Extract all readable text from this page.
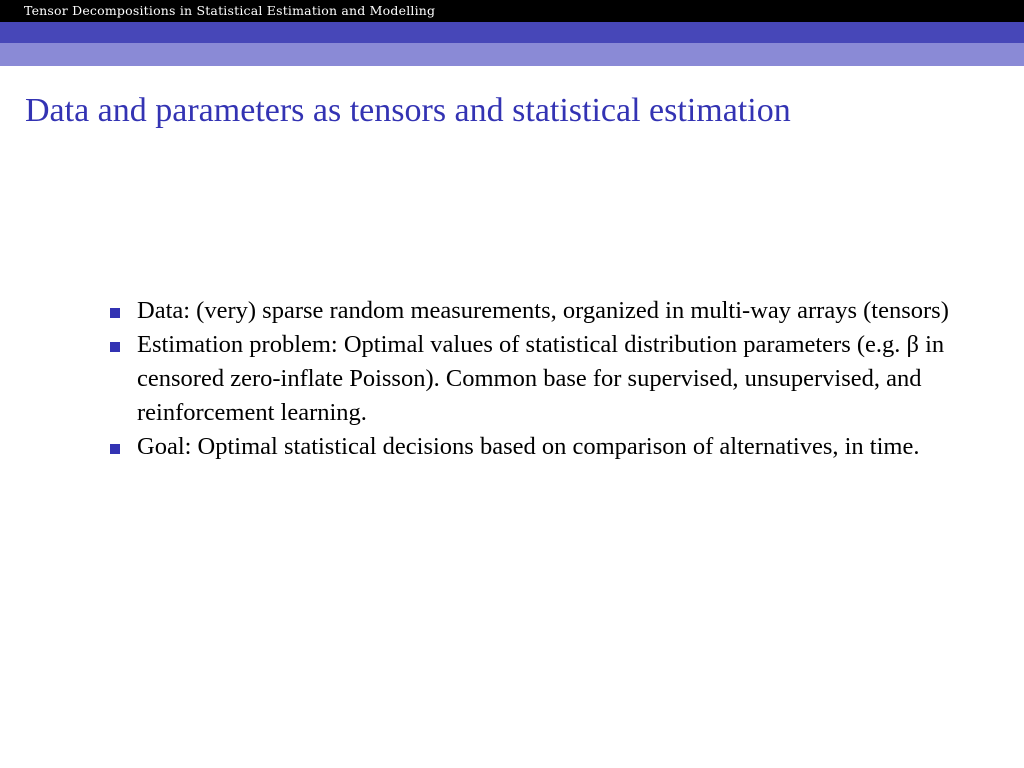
Tensor Decompositions in Statistical Estimation and Modelling
Data and parameters as tensors and statistical estimation
Data: (very) sparse random measurements, organized in multi-way arrays (tensors)
Estimation problem: Optimal values of statistical distribution parameters (e.g. β in censored zero-inflate Poisson). Common base for supervised, unsupervised, and reinforcement learning.
Goal: Optimal statistical decisions based on comparison of alternatives, in time.
